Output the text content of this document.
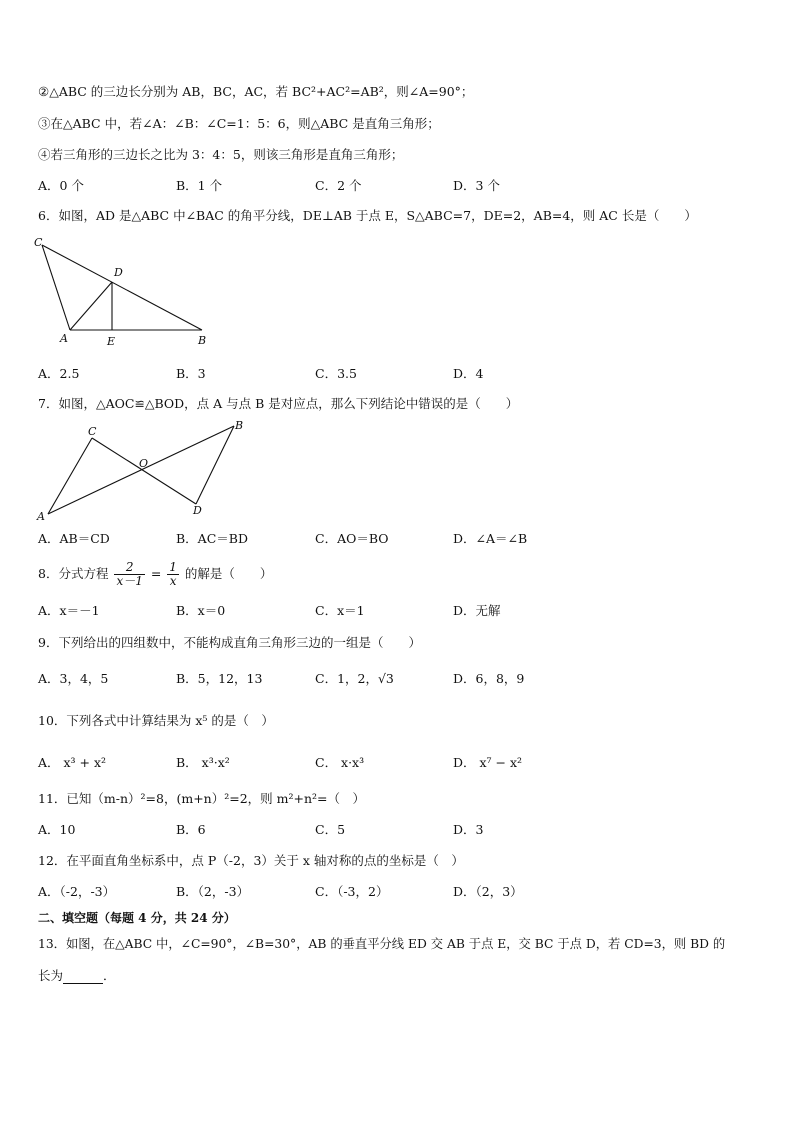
②△ABC 的三边长分别为 AB，BC，AC，若 BC²+AC²=AB²，则∠A=90°；
③在△ABC 中，若∠A：∠B：∠C=1：5：6，则△ABC 是直角三角形；
④若三角形的三边长之比为 3：4：5，则该三角形是直角三角形；
A．0 个	B．1 个	C．2 个	D．3 个
6．如图，AD 是△ABC 中∠BAC 的角平分线，DE⊥AB 于点 E，S△ABC=7，DE=2，AB=4，则 AC 长是（　　）
C
D
A	E	B
A．2.5	B．3	C．3.5	D．4
7．如图，△AOC≌△BOD，点 A 与点 B 是对应点，那么下列结论中错误的是（　　）
C	B
O
A	D
A．AB＝CD	B．AC＝BD	C．AO＝BO	D．∠A＝∠B
8．分式方程 $\frac{2}{x-1} = \frac{1}{x}$ 的解是（　　）
A．x＝－1	B．x＝0	C．x＝1	D．无解
9．下列给出的四组数中，不能构成直角三角形三边的一组是（　　）
A．3，4，5	B．5，12，13	C．1，2，√3	D．6，8，9
10．下列各式中计算结果为 x⁵ 的是（　）
A． x³ + x²	B． x³·x²	C． x·x³	D． x⁷ − x²
11．已知（m-n）²=8，(m+n）²=2，则 m²+n²=（　）
A．10	B．6	C．5	D．3
12．在平面直角坐标系中，点 P（-2，3）关于 x 轴对称的点的坐标是（　）
A．（-2，-3）	B．（2，-3）	C．（-3，2）	D．（2，3）
二、填空题（每题 4 分，共 24 分）
13．如图，在△ABC 中，∠C=90°，∠B=30°，AB 的垂直平分线 ED 交 AB 于点 E，交 BC 于点 D，若 CD=3，则 BD 的
长为	．
